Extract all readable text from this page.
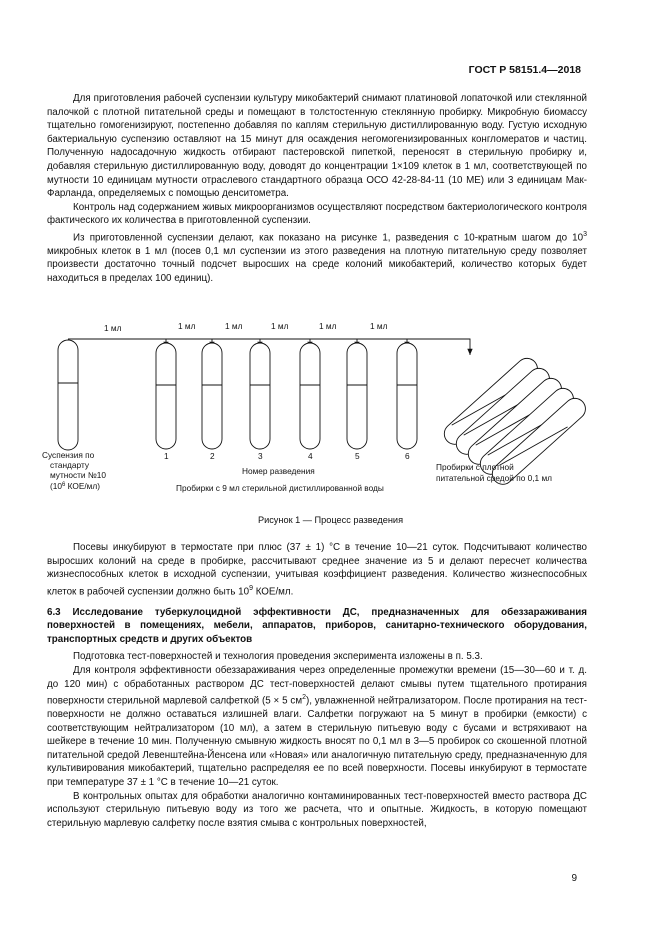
ГОСТ Р 58151.4—2018

Для приготовления рабочей суспензии культуру микобактерий снимают платиновой лопаточкой или стеклянной палочкой с плотной питательной среды и помещают в толстостенную стеклянную пробирку. Микробную биомассу тщательно гомогенизируют, постепенно добавляя по каплям стерильную дистиллированную воду. Густую исходную бактериальную суспензию оставляют на 15 минут для осаждения негомогенизированных конгломератов и частиц. Полученную надосадочную жидкость отбирают пастеровской пипеткой, переносят в стерильную пробирку и, добавляя стерильную дистиллированную воду, доводят до концентрации 1×109 клеток в 1 мл, соответствующей по мутности 10 единицам мутности отраслевого стандартного образца ОСО 42-28-84-11 (10 МЕ) или 3 единицам Мак-Фарланда, определяемых с помощью денситометра.

Контроль над содержанием живых микроорганизмов осуществляют посредством бактериологического контроля фактического их количества в приготовленной суспензии.

Из приготовленной суспензии делают, как показано на рисунке 1, разведения с 10-кратным шагом до $10^3$ микробных клеток в 1 мл (посев 0,1 мл суспензии из этого разведения на плотную питательную среду позволяет произвести достаточно точный подсчет выросших на среде колоний микобактерий, количество которых будет находиться в пределах 100 единиц).

1 мл	1 мл	1 мл	1 мл	1 мл	1 мл
Суспензия по
стандарту
мутности №10
($10^6$ КОЕ/мл)
1	2	3	4	5	6
Номер разведения
Пробирки с 9 мл стерильной дистиллированной воды
Пробирки с плотной
питательной средой по 0,1 мл
Рисунок 1 — Процесс разведения

Посевы инкубируют в термостате при плюс (37 ± 1) °С в течение 10—21 суток. Подсчитывают количество выросших колоний на среде в пробирке, рассчитывают среднее значение из 5 и делают пересчет количества жизнеспособных клеток в исходной суспензии, учитывая коэффициент разведения. Количество жизнеспособных клеток в рабочей суспензии должно быть $10^9$ КОЕ/мл.

6.3 Исследование туберкулоцидной эффективности ДС, предназначенных для обеззараживания поверхностей в помещениях, мебели, аппаратов, приборов, санитарно-технического оборудования, транспортных средств и других объектов

Подготовка тест-поверхностей и технология проведения эксперимента изложены в п. 5.3.

Для контроля эффективности обеззараживания через определенные промежутки времени (15—30—60 и т. д. до 120 мин) с обработанных раствором ДС тест-поверхностей делают смывы путем тщательного протирания поверхности стерильной марлевой салфеткой (5 × 5 $см^2$), увлажненной нейтрализатором. После протирания на тест-поверхности не должно оставаться излишней влаги. Салфетки погружают на 5 минут в пробирки (емкости) с соответствующим нейтрализатором (10 мл), а затем в стерильную питьевую воду с бусами и встряхивают на шейкере в течение 10 мин. Полученную смывную жидкость вносят по 0,1 мл в 3—5 пробирок со скошенной плотной питательной средой Левенштейна-Йенсена или «Новая» или аналогичную питательную среду, предназначенную для культивирования микобактерий, тщательно распределяя ее по всей поверхности. Посевы инкубируют в термостате при температуре 37 ± 1 °С в течение 10—21 суток.

В контрольных опытах для обработки аналогично контаминированных тест-поверхностей вместо раствора ДС используют стерильную питьевую воду из того же расчета, что и опытные. Жидкость, в которую помещают стерильную марлевую салфетку после взятия смыва с контрольных поверхностей,

9
